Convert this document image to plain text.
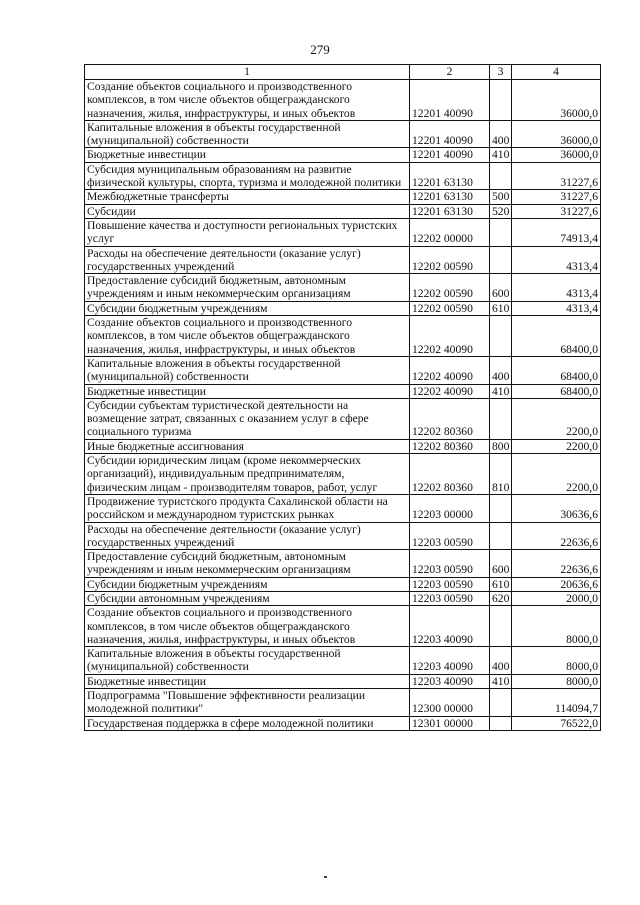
279
1	2	3	4
Создание объектов социального и производственного комплексов, в том числе объектов общегражданского назначения, жилья, инфраструктуры, и иных объектов	12201 40090		36000,0
Капитальные вложения в объекты государственной (муниципальной) собственности	12201 40090	400	36000,0
Бюджетные инвестиции	12201 40090	410	36000,0
Субсидия муниципальным образованиям на развитие физической культуры, спорта, туризма и молодежной политики	12201 63130		31227,6
Межбюджетные трансферты	12201 63130	500	31227,6
Субсидии	12201 63130	520	31227,6
Повышение качества и доступности региональных туристских услуг	12202 00000		74913,4
Расходы на обеспечение деятельности (оказание услуг) государственных учреждений	12202 00590		4313,4
Предоставление субсидий бюджетным, автономным учреждениям и иным некоммерческим организациям	12202 00590	600	4313,4
Субсидии бюджетным учреждениям	12202 00590	610	4313,4
Создание объектов социального и производственного комплексов, в том числе объектов общегражданского назначения, жилья, инфраструктуры, и иных объектов	12202 40090		68400,0
Капитальные вложения в объекты государственной (муниципальной) собственности	12202 40090	400	68400,0
Бюджетные инвестиции	12202 40090	410	68400,0
Субсидии субъектам туристической деятельности на возмещение затрат, связанных с оказанием услуг в сфере социального туризма	12202 80360		2200,0
Иные бюджетные ассигнования	12202 80360	800	2200,0
Субсидии юридическим лицам (кроме некоммерческих организаций), индивидуальным предпринимателям, физическим лицам - производителям товаров, работ, услуг	12202 80360	810	2200,0
Продвижение туристского продукта Сахалинской области на российском и международном туристских рынках	12203 00000		30636,6
Расходы на обеспечение деятельности (оказание услуг) государственных учреждений	12203 00590		22636,6
Предоставление субсидий бюджетным, автономным учреждениям и иным некоммерческим организациям	12203 00590	600	22636,6
Субсидии бюджетным учреждениям	12203 00590	610	20636,6
Субсидии автономным учреждениям	12203 00590	620	2000,0
Создание объектов социального и производственного комплексов, в том числе объектов общегражданского назначения, жилья, инфраструктуры, и иных объектов	12203 40090		8000,0
Капитальные вложения в объекты государственной (муниципальной) собственности	12203 40090	400	8000,0
Бюджетные инвестиции	12203 40090	410	8000,0
Подпрограмма "Повышение эффективности реализации молодежной политики"	12300 00000		114094,7
Государственая поддержка в сфере молодежной политики	12301 00000		76522,0
